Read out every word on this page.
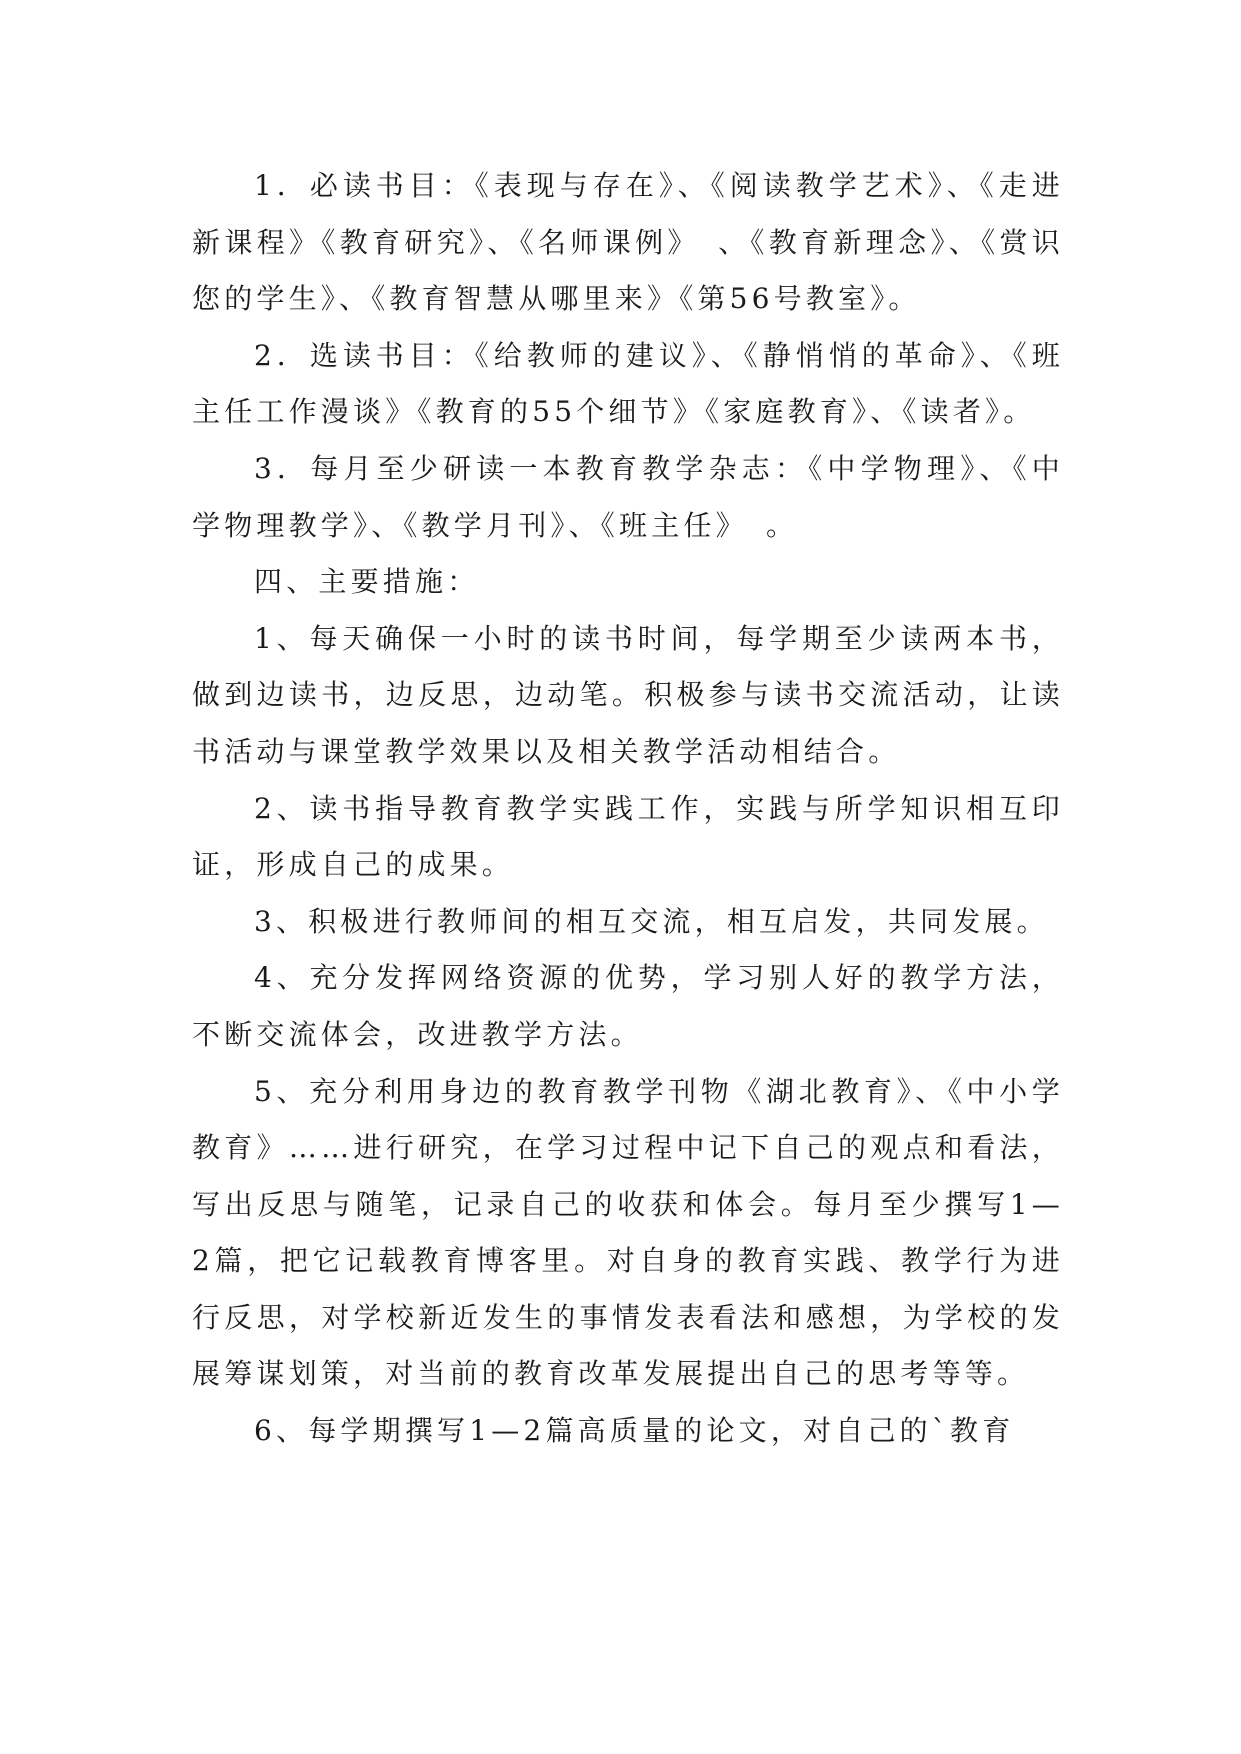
1．必读书目：《表现与存在》、《阅读教学艺术》、《走进新课程》《教育研究》、《名师课例》　、《教育新理念》、《赏识您的学生》、《教育智慧从哪里来》《第56号教室》。

2．选读书目：《给教师的建议》、《静悄悄的革命》、《班主任工作漫谈》《教育的55个细节》《家庭教育》、《读者》。

3．每月至少研读一本教育教学杂志：《中学物理》、《中学物理教学》、《教学月刊》、《班主任》　。

四、主要措施：

1、每天确保一小时的读书时间，每学期至少读两本书，做到边读书，边反思，边动笔。积极参与读书交流活动，让读书活动与课堂教学效果以及相关教学活动相结合。

2、读书指导教育教学实践工作，实践与所学知识相互印证，形成自己的成果。

3、积极进行教师间的相互交流，相互启发，共同发展。

4、充分发挥网络资源的优势，学习别人好的教学方法，不断交流体会，改进教学方法。

5、充分利用身边的教育教学刊物《湖北教育》、《中小学教育》……进行研究，在学习过程中记下自己的观点和看法，写出反思与随笔，记录自己的收获和体会。每月至少撰写1—2篇，把它记载教育博客里。对自身的教育实践、教学行为进行反思，对学校新近发生的事情发表看法和感想，为学校的发展筹谋划策，对当前的教育改革发展提出自己的思考等等。

6、每学期撰写1—2篇高质量的论文，对自己的`教育
